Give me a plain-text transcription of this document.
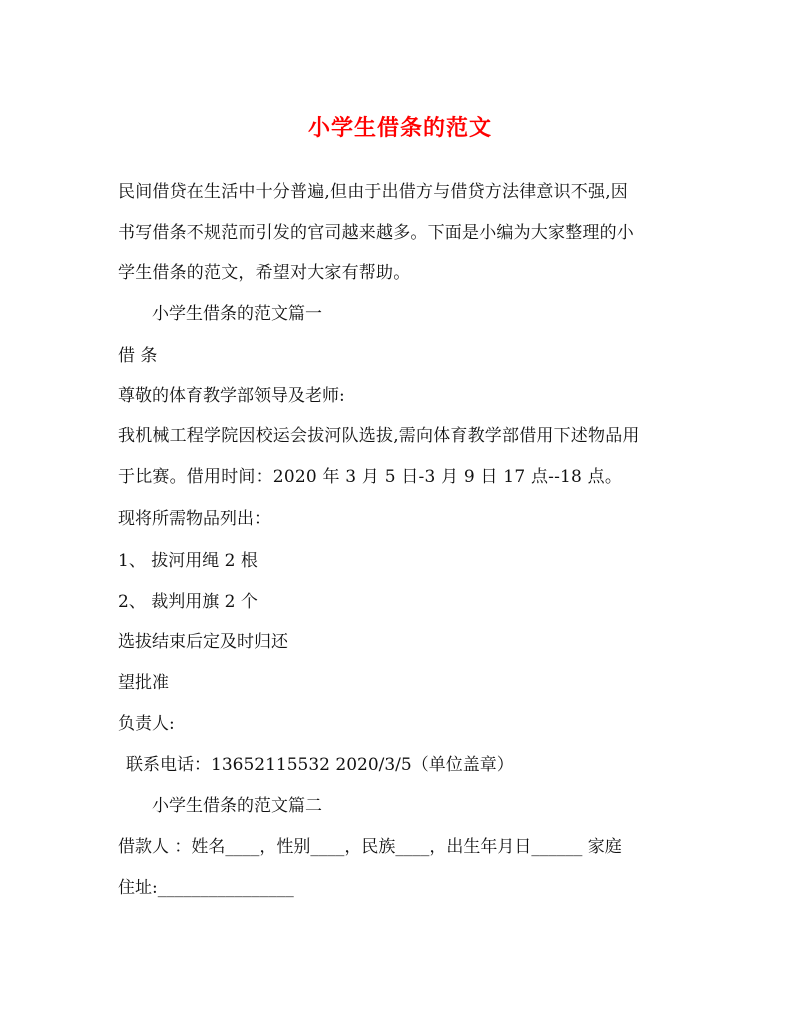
小学生借条的范文
民间借贷在生活中十分普遍,但由于出借方与借贷方法律意识不强,因
书写借条不规范而引发的官司越来越多。下面是小编为大家整理的小
学生借条的范文，希望对大家有帮助。
小学生借条的范文篇一
借 条
尊敬的体育教学部领导及老师:
我机械工程学院因校运会拔河队选拔,需向体育教学部借用下述物品用
于比赛。借用时间：2020 年 3 月 5 日-3 月 9 日 17 点--18 点。
现将所需物品列出：
1、 拔河用绳 2 根
2、 裁判用旗 2 个
选拔结束后定及时归还
望批准
负责人:
联系电话：13652115532 2020/3/5（单位盖章）
小学生借条的范文篇二
借款人 ：姓名____，性别____，民族____，出生年月日______ 家庭
住址:________________
